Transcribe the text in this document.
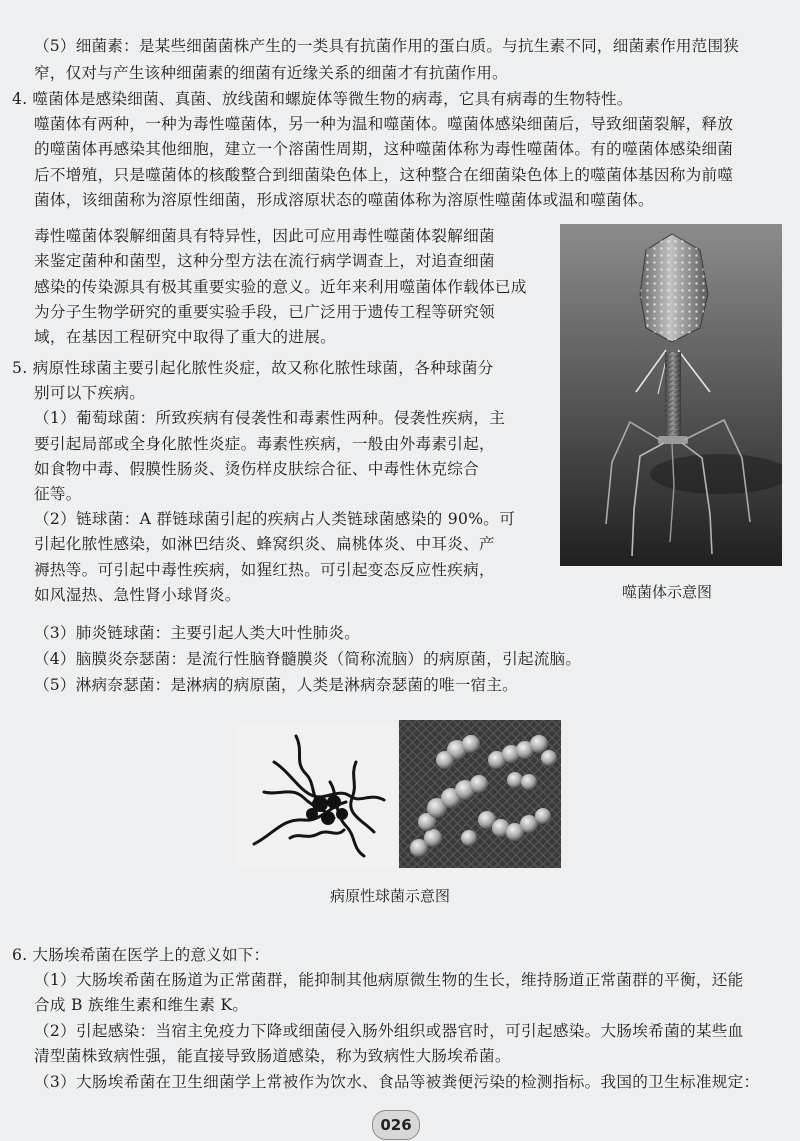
（5）细菌素：是某些细菌菌株产生的一类具有抗菌作用的蛋白质。与抗生素不同，细菌素作用范围狭
窄，仅对与产生该种细菌素的细菌有近缘关系的细菌才有抗菌作用。
4. 噬菌体是感染细菌、真菌、放线菌和螺旋体等微生物的病毒，它具有病毒的生物特性。
噬菌体有两种，一种为毒性噬菌体，另一种为温和噬菌体。噬菌体感染细菌后，导致细菌裂解，释放
的噬菌体再感染其他细胞，建立一个溶菌性周期，这种噬菌体称为毒性噬菌体。有的噬菌体感染细菌
后不增殖，只是噬菌体的核酸整合到细菌染色体上，这种整合在细菌染色体上的噬菌体基因称为前噬
菌体，该细菌称为溶原性细菌，形成溶原状态的噬菌体称为溶原性噬菌体或温和噬菌体。
毒性噬菌体裂解细菌具有特异性，因此可应用毒性噬菌体裂解细菌
来鉴定菌种和菌型，这种分型方法在流行病学调查上，对追查细菌
感染的传染源具有极其重要实验的意义。近年来利用噬菌体作载体已成
为分子生物学研究的重要实验手段，已广泛用于遗传工程等研究领
域，在基因工程研究中取得了重大的进展。
5. 病原性球菌主要引起化脓性炎症，故又称化脓性球菌，各种球菌分
别可以下疾病。
（1）葡萄球菌：所致疾病有侵袭性和毒素性两种。侵袭性疾病，主
要引起局部或全身化脓性炎症。毒素性疾病，一般由外毒素引起，
如食物中毒、假膜性肠炎、烫伤样皮肤综合征、中毒性休克综合
征等。
（2）链球菌：A 群链球菌引起的疾病占人类链球菌感染的 90%。可
引起化脓性感染，如淋巴结炎、蜂窝织炎、扁桃体炎、中耳炎、产
褥热等。可引起中毒性疾病，如猩红热。可引起变态反应性疾病，
如风湿热、急性肾小球肾炎。
（3）肺炎链球菌：主要引起人类大叶性肺炎。
（4）脑膜炎奈瑟菌：是流行性脑脊髓膜炎（简称流脑）的病原菌，引起流脑。
（5）淋病奈瑟菌：是淋病的病原菌，人类是淋病奈瑟菌的唯一宿主。
噬菌体示意图
病原性球菌示意图
6. 大肠埃希菌在医学上的意义如下：
（1）大肠埃希菌在肠道为正常菌群，能抑制其他病原微生物的生长，维持肠道正常菌群的平衡，还能
合成 B 族维生素和维生素 K。
（2）引起感染：当宿主免疫力下降或细菌侵入肠外组织或器官时，可引起感染。大肠埃希菌的某些血
清型菌株致病性强，能直接导致肠道感染，称为致病性大肠埃希菌。
（3）大肠埃希菌在卫生细菌学上常被作为饮水、食品等被粪便污染的检测指标。我国的卫生标准规定：
026
